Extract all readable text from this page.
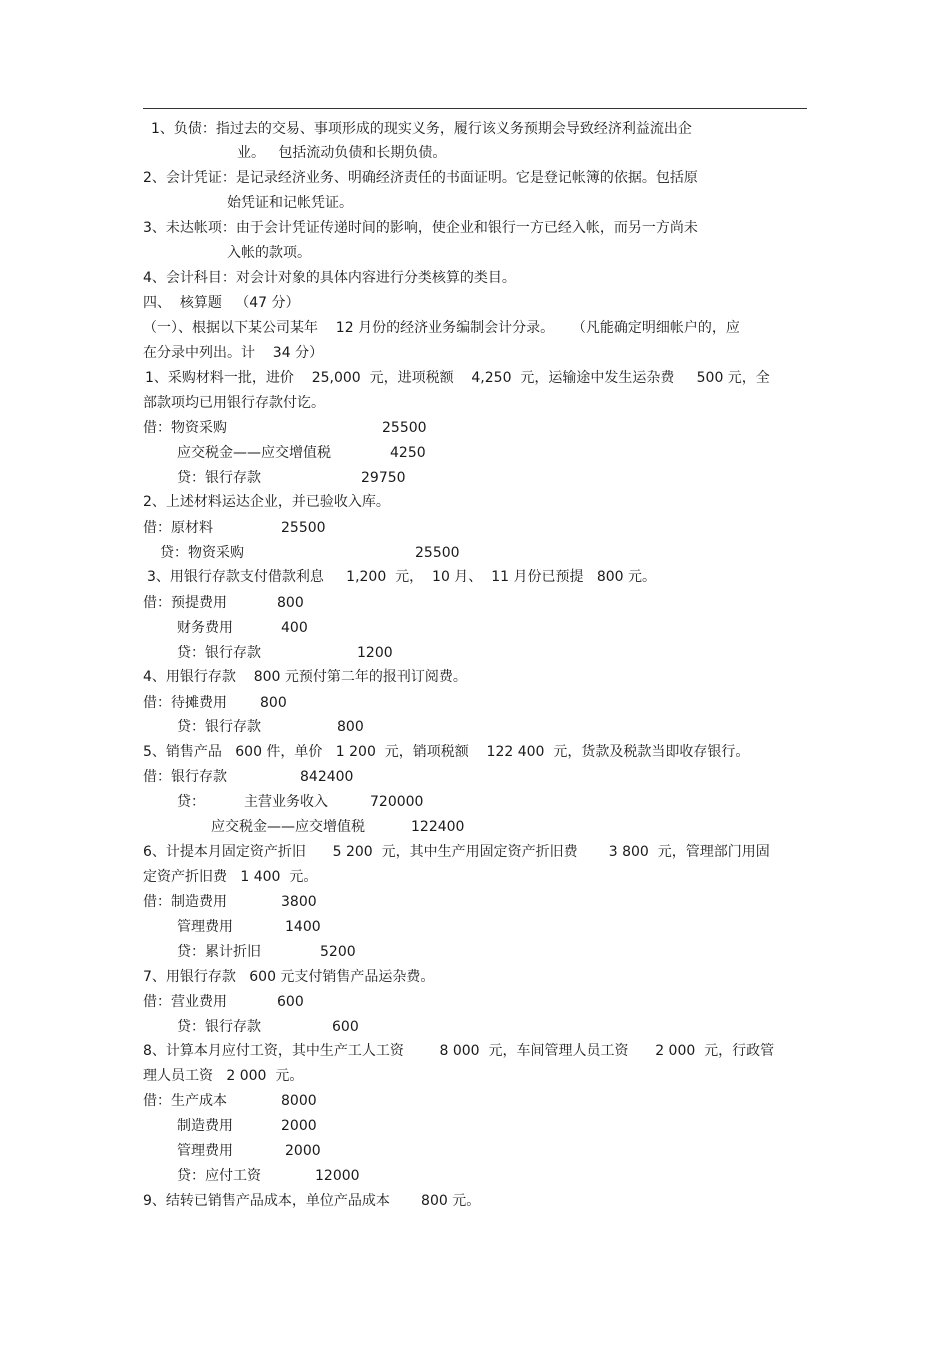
1、负债：指过去的交易、事项形成的现实义务，履行该义务预期会导致经济利益流出企
业。   包括流动负债和长期负债。
2、会计凭证：是记录经济业务、明确经济责任的书面证明。它是登记帐簿的依据。包括原
始凭证和记帐凭证。
3、未达帐项：由于会计凭证传递时间的影响，使企业和银行一方已经入帐，而另一方尚未
入帐的款项。
4、会计科目：对会计对象的具体内容进行分类核算的类目。
四、  核算题   （47 分）
（一）、根据以下某公司某年    12 月份的经济业务编制会计分录。    （凡能确定明细帐户的，应
在分录中列出。计    34 分）
1、采购材料一批，进价    25,000  元，进项税额    4,250  元，运输途中发生运杂费     500 元，全
部款项均已用银行存款付讫。
借：物资采购	25500
应交税金——应交增值税	4250
贷：银行存款	29750
2、上述材料运达企业，并已验收入库。
借：原材料	25500
贷：物资采购	25500
3、用银行存款支付借款利息     1,200  元，  10 月、  11 月份已预提   800 元。
借：预提费用	800
财务费用	400
贷：银行存款	1200
4、用银行存款    800 元预付第二年的报刊订阅费。
借：待摊费用 800
贷：银行存款	800
5、销售产品   600 件，单价   1 200  元，销项税额    122 400  元，货款及税款当即收存银行。
借：银行存款	842400
贷：	主营业务收入	720000
应交税金——应交增值税	122400
6、计提本月固定资产折旧      5 200  元，其中生产用固定资产折旧费       3 800  元，管理部门用固
定资产折旧费   1 400  元。
借：制造费用	3800
管理费用	1400
贷：累计折旧	5200
7、用银行存款   600 元支付销售产品运杂费。
借：营业费用	600
贷：银行存款	600
8、计算本月应付工资，其中生产工人工资        8 000  元，车间管理人员工资      2 000  元，行政管
理人员工资   2 000  元。
借：生产成本	8000
制造费用	2000
管理费用	2000
贷：应付工资	12000
9、结转已销售产品成本，单位产品成本       800 元。
